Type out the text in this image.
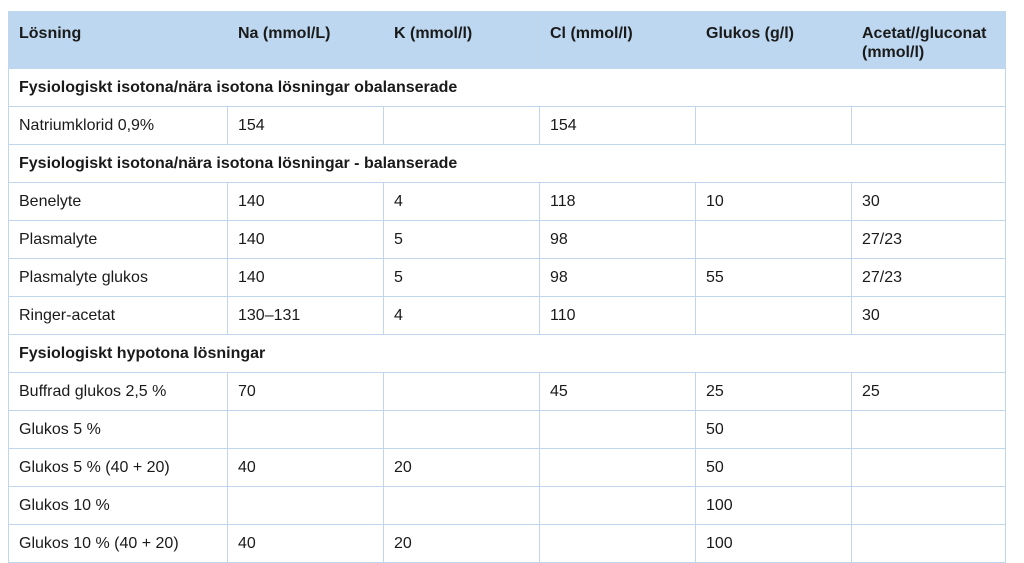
Lösning	Na (mmol/L)	K (mmol/l)	Cl (mmol/l)	Glukos (g/l)	Acetat//gluconat (mmol/l)
Fysiologiskt isotona/nära isotona lösningar obalanserade					
Natriumklorid 0,9%	154		154		
Fysiologiskt isotona/nära isotona lösningar - balanserade					
Benelyte	140	4	118	10	30
Plasmalyte	140	5	98		27/23
Plasmalyte glukos	140	5	98	55	27/23
Ringer-acetat	130–131	4	110		30
Fysiologiskt hypotona lösningar					
Buffrad glukos 2,5 %	70		45	25	25
Glukos 5 %				50	
Glukos 5 % (40 + 20)	40	20		50	
Glukos 10 %				100	
Glukos 10 % (40 + 20)	40	20		100	
